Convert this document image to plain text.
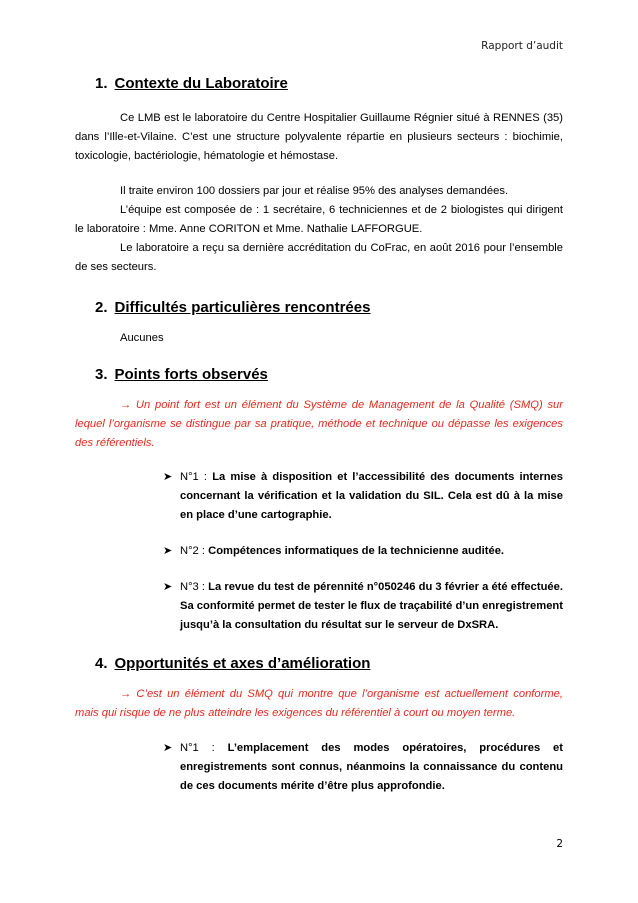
Rapport d’audit
1. Contexte du Laboratoire

Ce LMB est le laboratoire du Centre Hospitalier Guillaume Régnier situé à RENNES (35) dans l’Ille-et-Vilaine. C’est une structure polyvalente répartie en plusieurs secteurs : biochimie, toxicologie, bactériologie, hématologie et hémostase.

Il traite environ 100 dossiers par jour et réalise 95% des analyses demandées.

L’équipe est composée de : 1 secrétaire, 6 techniciennes et de 2 biologistes qui dirigent le laboratoire : Mme. Anne CORITON et Mme. Nathalie LAFFORGUE.

Le laboratoire a reçu sa dernière accréditation du CoFrac, en août 2016 pour l’ensemble de ses secteurs.

2. Difficultés particulières rencontrées

Aucunes

3. Points forts observés

→ Un point fort est un élément du Système de Management de la Qualité (SMQ) sur lequel l’organisme se distingue par sa pratique, méthode et technique ou dépasse les exigences des référentiels.

➤ N°1 : La mise à disposition et l’accessibilité des documents internes concernant la vérification et la validation du SIL. Cela est dû à la mise en place d’une cartographie.
➤ N°2 : Compétences informatiques de la technicienne auditée.
➤ N°3 : La revue du test de pérennité n°050246 du 3 février a été effectuée. Sa conformité permet de tester le flux de traçabilité d’un enregistrement jusqu’à la consultation du résultat sur le serveur de DxSRA.
4. Opportunités et axes d’amélioration

→ C’est un élément du SMQ qui montre que l’organisme est actuellement conforme, mais qui risque de ne plus atteindre les exigences du référentiel à court ou moyen terme.

➤ N°1 : L’emplacement des modes opératoires, procédures et enregistrements sont connus, néanmoins la connaissance du contenu de ces documents mérite d’être plus approfondie.
2
